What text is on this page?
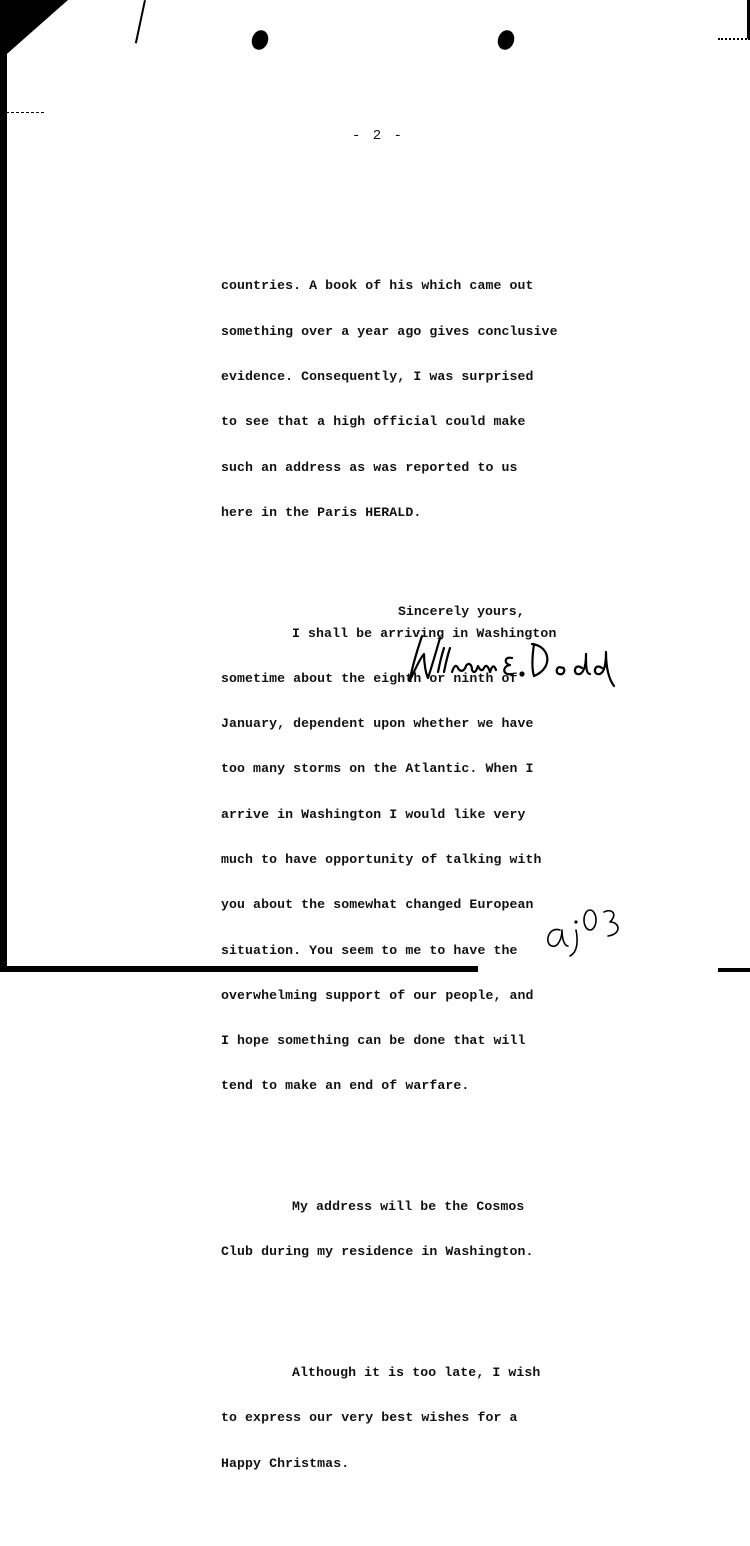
- 2 -

countries. A book of his which came out

something over a year ago gives conclusive

evidence. Consequently, I was surprised

to see that a high official could make

such an address as was reported to us

here in the Paris HERALD.

I shall be arriving in Washington

sometime about the eighth or ninth of

January, dependent upon whether we have

too many storms on the Atlantic. When I

arrive in Washington I would like very

much to have opportunity of talking with

you about the somewhat changed European

situation. You seem to me to have the

overwhelming support of our people, and

I hope something can be done that will

tend to make an end of warfare.

My address will be the Cosmos

Club during my residence in Washington.

Although it is too late, I wish

to express our very best wishes for a

Happy Christmas.

Sincerely yours,
